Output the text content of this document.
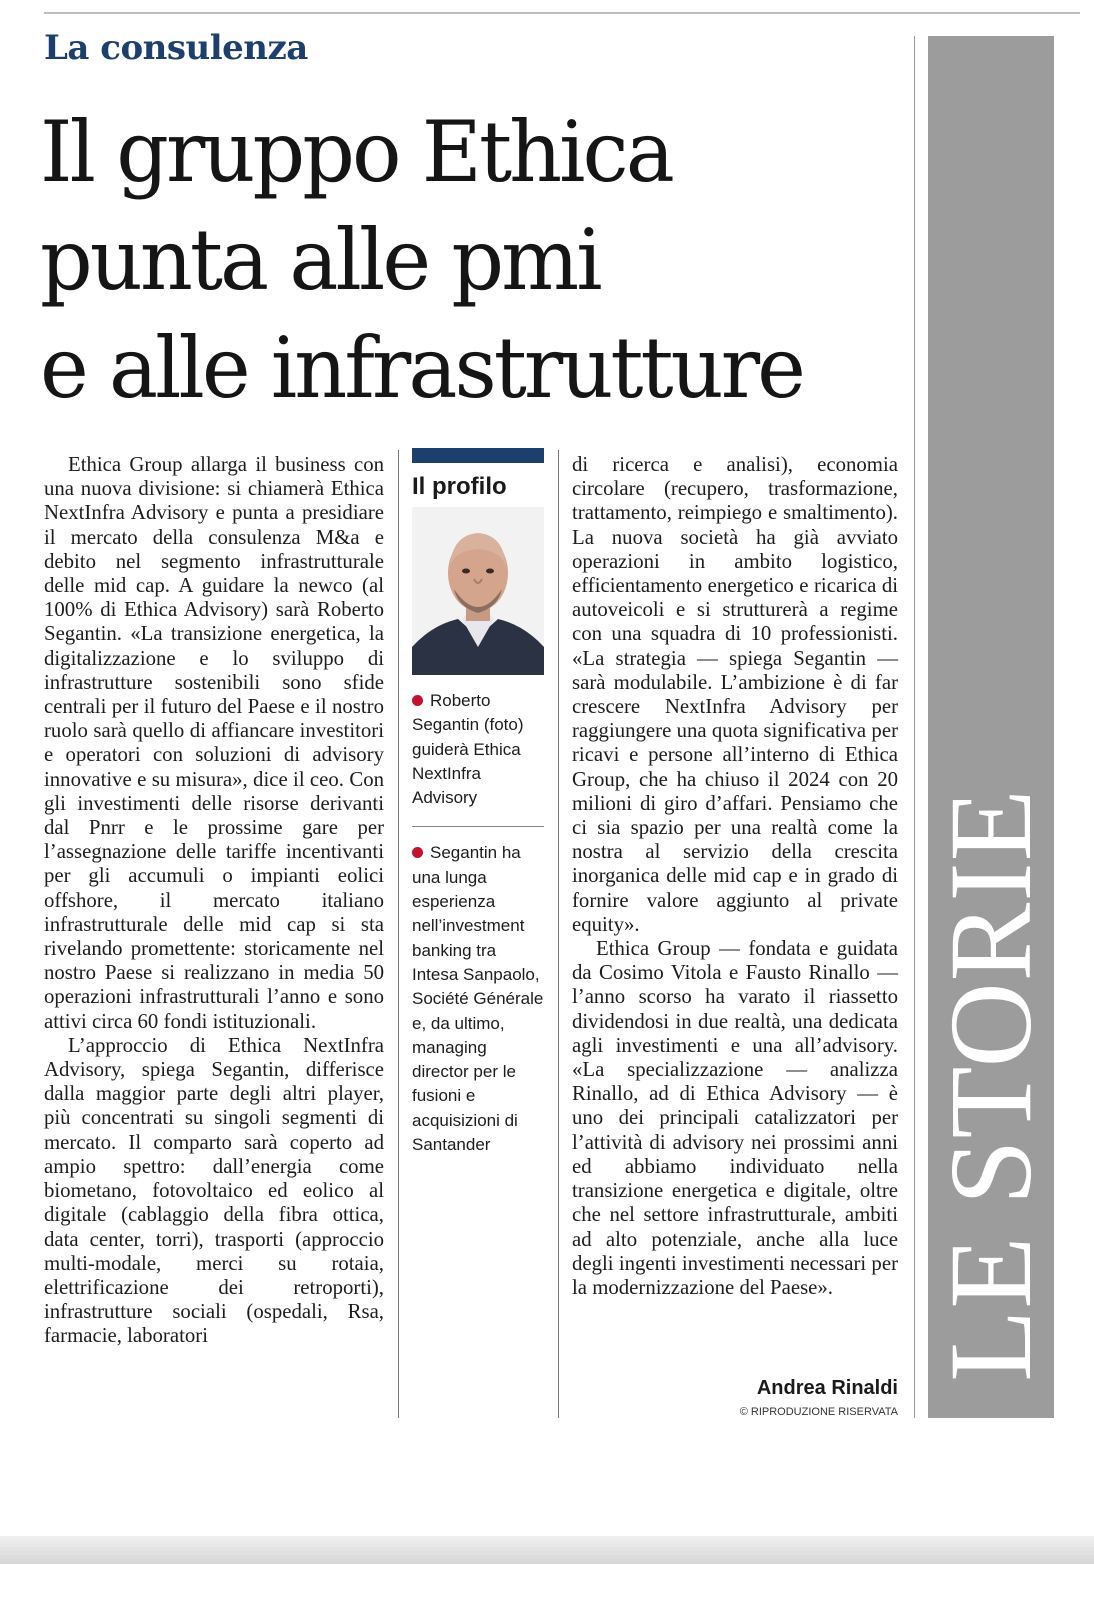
La consulenza
Il gruppo Ethica
punta alle pmi
e alle infrastrutture

Ethica Group allarga il business con una nuova divisione: si chiamerà Ethica NextInfra Advisory e punta a presidiare il mercato della consulenza M&a e debito nel segmento infrastrutturale delle mid cap. A guidare la newco (al 100% di Ethica Advisory) sarà Roberto Segantin. «La transizione energetica, la digitalizzazione e lo sviluppo di infrastrutture sostenibili sono sfide centrali per il futuro del Paese e il nostro ruolo sarà quello di affiancare investitori e operatori con soluzioni di advisory innovative e su misura», dice il ceo. Con gli investimenti delle risorse derivanti dal Pnrr e le prossime gare per l’assegnazione delle tariffe incentivanti per gli accumuli o impianti eolici offshore, il mercato italiano infrastrutturale delle mid cap si sta rivelando promettente: storicamente nel nostro Paese si realizzano in media 50 operazioni infrastrutturali l’anno e sono attivi circa 60 fondi istituzionali.

L’approccio di Ethica NextInfra Advisory, spiega Segantin, differisce dalla maggior parte degli altri player, più concentrati su singoli segmenti di mercato. Il comparto sarà coperto ad ampio spettro: dall’energia come biometano, fotovoltaico ed eolico al digitale (cablaggio della fibra ottica, data center, torri), trasporti (approccio multi-modale, merci su rotaia, elettrificazione dei retroporti), infrastrutture sociali (ospedali, Rsa, farmacie, laboratori

Il profilo
Roberto Segantin (foto) guiderà Ethica NextInfra Advisory
Segantin ha una lunga esperienza nell’investment banking tra Intesa Sanpaolo, Société Générale e, da ultimo, managing director per le fusioni e acquisizioni di Santander

di ricerca e analisi), economia circolare (recupero, trasformazione, trattamento, reimpiego e smaltimento). La nuova società ha già avviato operazioni in ambito logistico, efficientamento energetico e ricarica di autoveicoli e si strutturerà a regime con una squadra di 10 professionisti. «La strategia — spiega Segantin —sarà modulabile. L’ambizione è di far crescere NextInfra Advisory per raggiungere una quota significativa per ricavi e persone all’interno di Ethica Group, che ha chiuso il 2024 con 20 milioni di giro d’affari. Pensiamo che ci sia spazio per una realtà come la nostra al servizio della crescita inorganica delle mid cap e in grado di fornire valore aggiunto al private equity».

Ethica Group — fondata e guidata da Cosimo Vitola e Fausto Rinallo — l’anno scorso ha varato il riassetto dividendosi in due realtà, una dedicata agli investimenti e una all’advisory. «La specializzazione — analizza Rinallo, ad di Ethica Advisory — è uno dei principali catalizzatori per l’attività di advisory nei prossimi anni ed abbiamo individuato nella transizione energetica e digitale, oltre che nel settore infrastrutturale, ambiti ad alto potenziale, anche alla luce degli ingenti investimenti necessari per la modernizzazione del Paese».

Andrea Rinaldi
© RIPRODUZIONE RISERVATA
LE STORIE
